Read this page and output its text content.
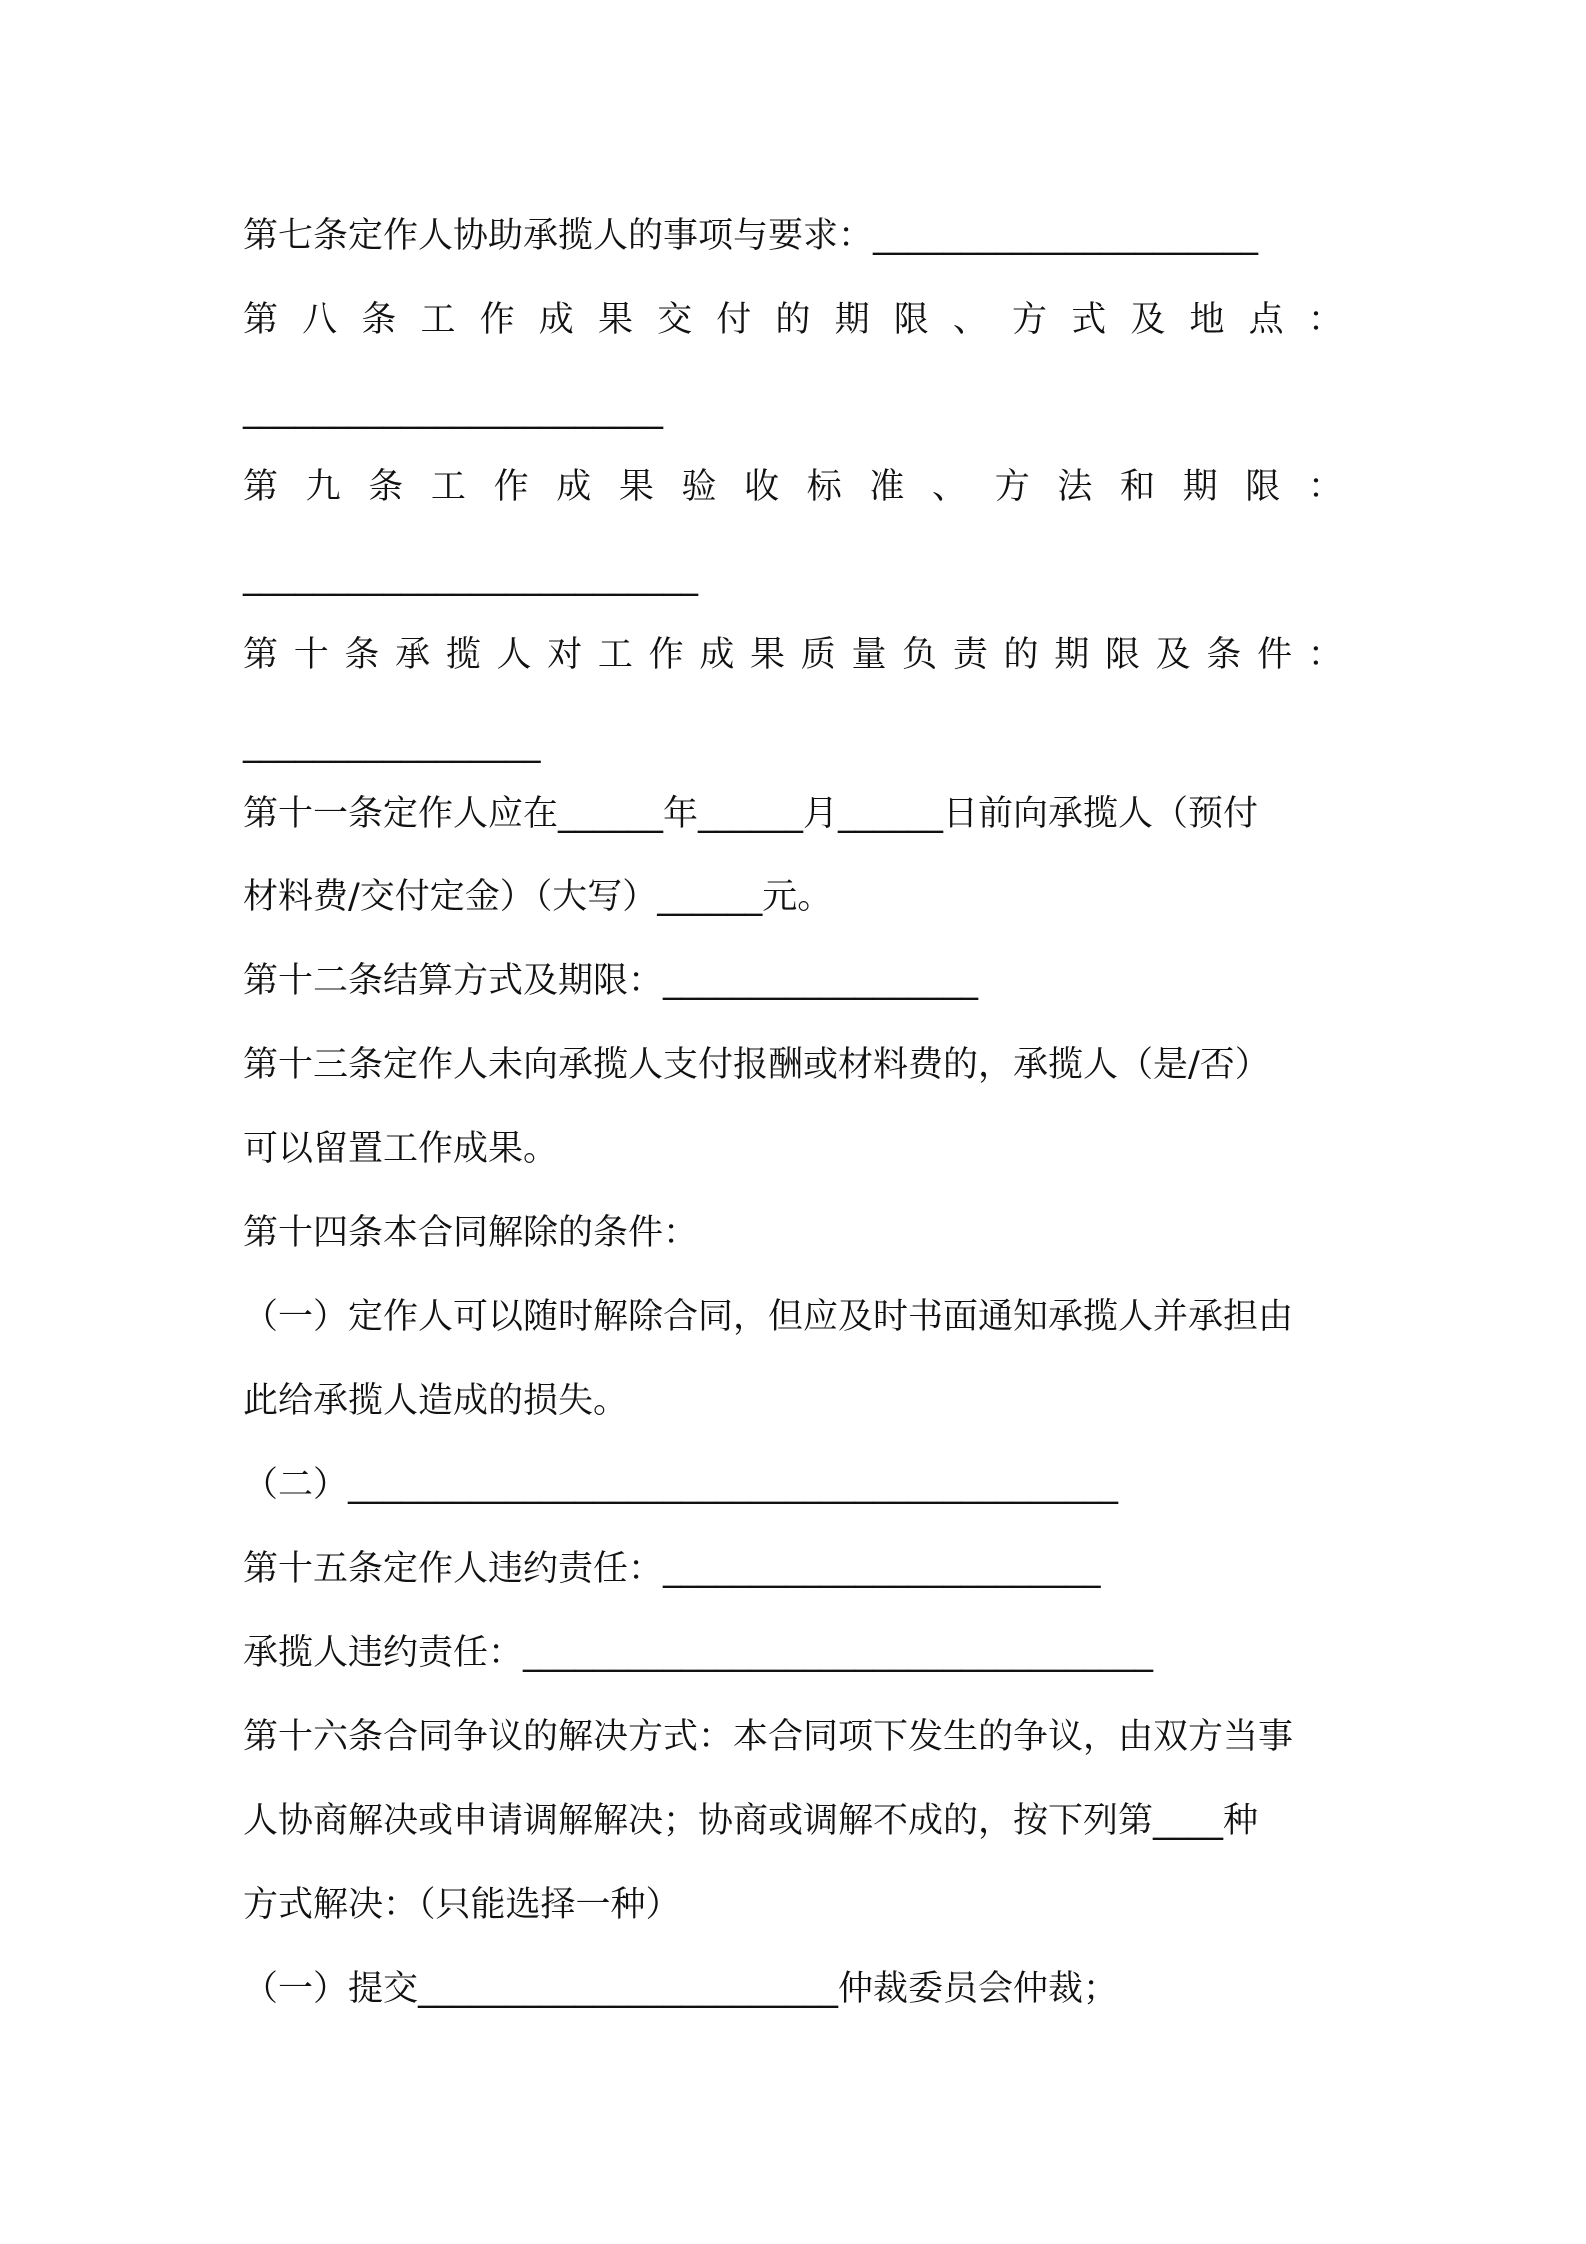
第七条定作人协助承揽人的事项与要求：______________________
第 八 条 工 作 成 果 交 付 的 期 限 、 方 式 及 地 点 ：
________________________
第 九 条 工 作 成 果 验 收 标 准 、 方 法 和 期 限 ：
__________________________
第 十 条 承 揽 人 对 工 作 成 果 质 量 负 责 的 期 限 及 条 件 ：
_________________
第十一条定作人应在______年______月______日前向承揽人（预付
材料费/交付定金）（大写）______元。
第十二条结算方式及期限：__________________
第十三条定作人未向承揽人支付报酬或材料费的，承揽人（是/否）
可以留置工作成果。
第十四条本合同解除的条件：
（一）定作人可以随时解除合同，但应及时书面通知承揽人并承担由
此给承揽人造成的损失。
（二）____________________________________________
第十五条定作人违约责任：_________________________
承揽人违约责任：____________________________________
第十六条合同争议的解决方式：本合同项下发生的争议，由双方当事
人协商解决或申请调解解决；协商或调解不成的，按下列第____种
方式解决：（只能选择一种）
（一）提交________________________仲裁委员会仲裁；
